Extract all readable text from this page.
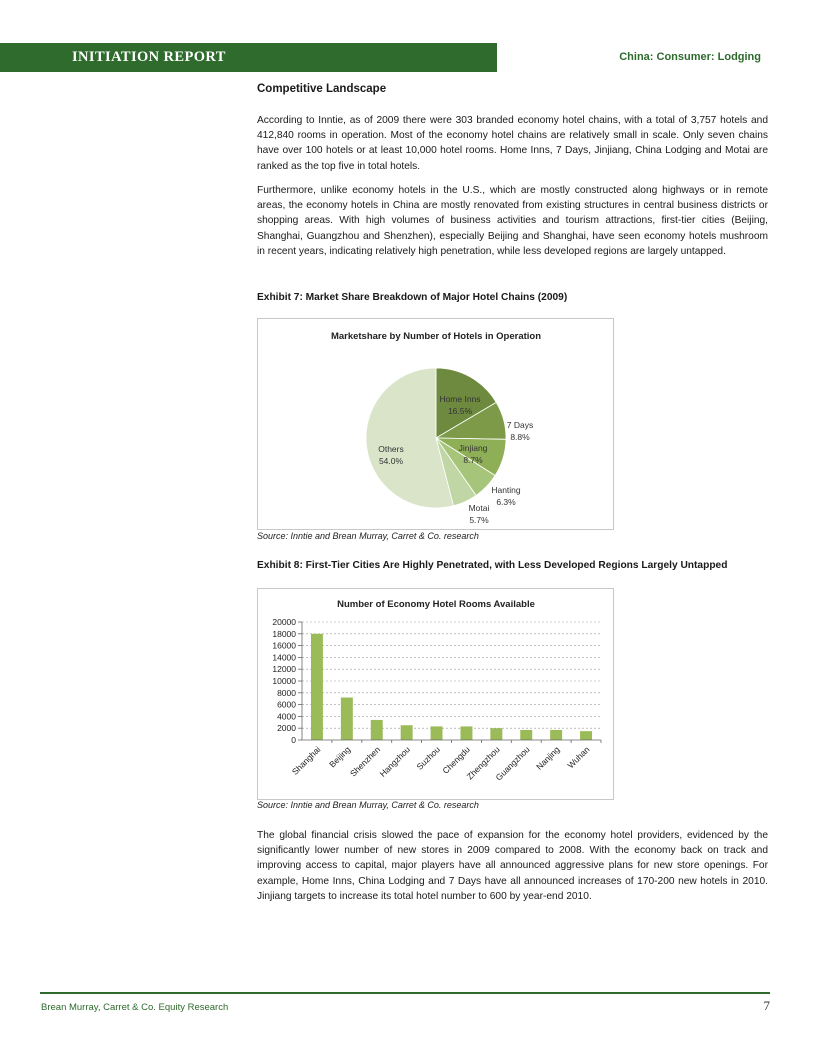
INITIATION REPORT	China: Consumer: Lodging
Competitive Landscape

According to Inntie, as of 2009 there were 303 branded economy hotel chains, with a total of 3,757 hotels and 412,840 rooms in operation. Most of the economy hotel chains are relatively small in scale. Only seven chains have over 100 hotels or at least 10,000 hotel rooms. Home Inns, 7 Days, Jinjiang, China Lodging and Motai are ranked as the top five in total hotels.

Furthermore, unlike economy hotels in the U.S., which are mostly constructed along highways or in remote areas, the economy hotels in China are mostly renovated from existing structures in central business districts or shopping areas. With high volumes of business activities and tourism attractions, first-tier cities (Beijing, Shanghai, Guangzhou and Shenzhen), especially Beijing and Shanghai, have seen economy hotels mushroom in recent years, indicating relatively high penetration, while less developed regions are largely untapped.

Exhibit 7: Market Share Breakdown of Major Hotel Chains (2009)
Marketshare by Number of Hotels in Operation
Home Inns
16.5%
7 Days
8.8%
Jinjiang
8.7%
Hanting
6.3%
Motai
5.7%
Others
54.0%
Source: Inntie and Brean Murray, Carret & Co. research
Exhibit 8: First-Tier Cities Are Highly Penetrated, with Less Developed Regions Largely Untapped
Number of Economy Hotel Rooms Available
0
2000
4000
6000
8000
10000
12000
14000
16000
18000
20000
Shanghai Beijing
Shenzhen
Hangzhou Suzhou
Chengdu
Zhengzhou
Guangzhou Nanjing Wuhan
Source: Inntie and Brean Murray, Carret & Co. research

The global financial crisis slowed the pace of expansion for the economy hotel providers, evidenced by the significantly lower number of new stores in 2009 compared to 2008. With the economy back on track and improving access to capital, major players have all announced aggressive plans for new store openings. For example, Home Inns, China Lodging and 7 Days have all announced increases of 170-200 new hotels in 2010. Jinjiang targets to increase its total hotel number to 600 by year-end 2010.

Brean Murray, Carret & Co. Equity Research	7
